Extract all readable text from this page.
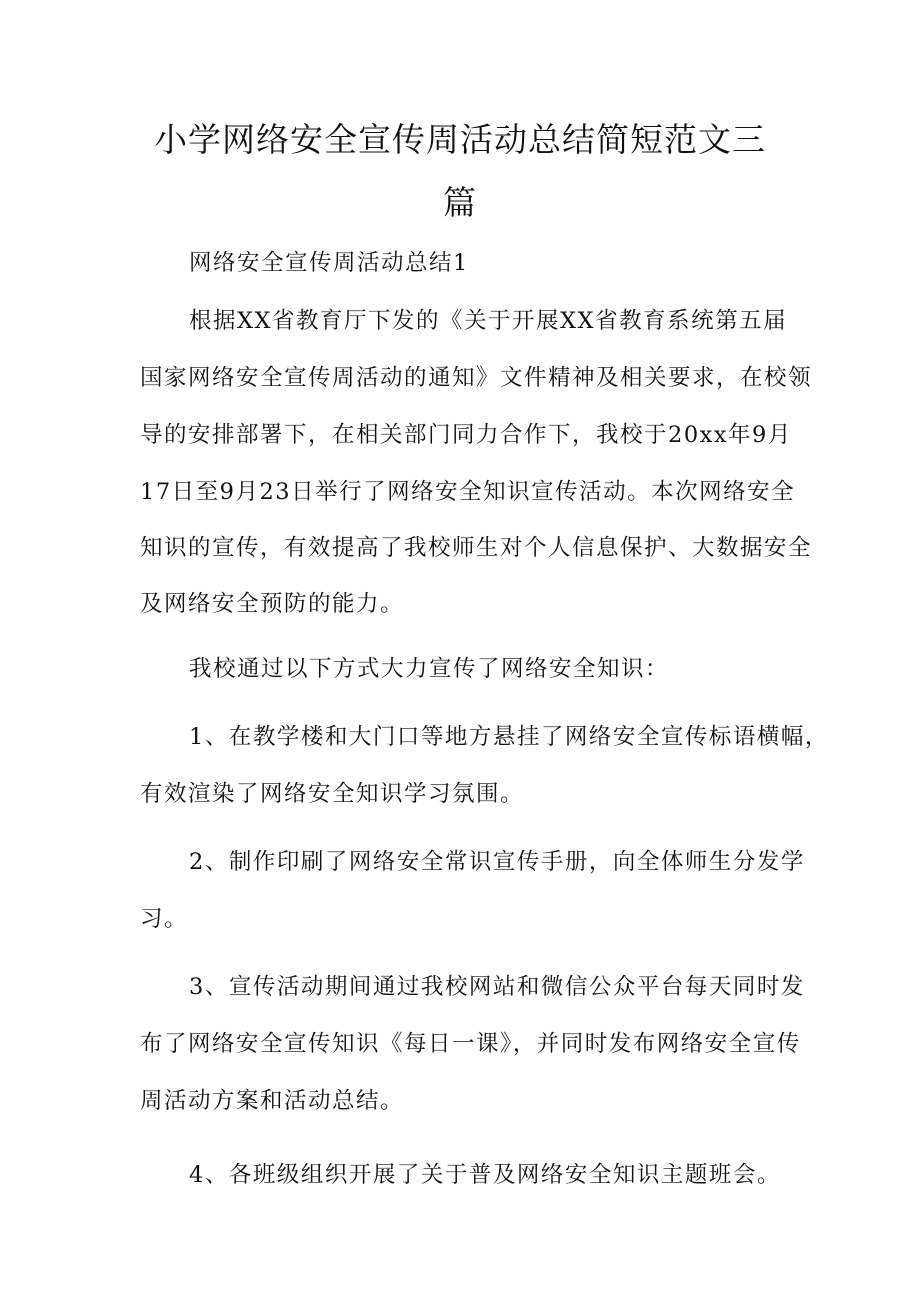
小学网络安全宣传周活动总结简短范文三
篇

网络安全宣传周活动总结1

根据XX省教育厅下发的《关于开展XX省教育系统第五届

国家网络安全宣传周活动的通知》文件精神及相关要求，在校领

导的安排部署下，在相关部门同力合作下，我校于20xx年9月

17日至9月23日举行了网络安全知识宣传活动。本次网络安全

知识的宣传，有效提高了我校师生对个人信息保护、大数据安全

及网络安全预防的能力。

我校通过以下方式大力宣传了网络安全知识：

1、在教学楼和大门口等地方悬挂了网络安全宣传标语横幅，

有效渲染了网络安全知识学习氛围。

2、制作印刷了网络安全常识宣传手册，向全体师生分发学

习。

3、宣传活动期间通过我校网站和微信公众平台每天同时发

布了网络安全宣传知识《每日一课》，并同时发布网络安全宣传

周活动方案和活动总结。

4、各班级组织开展了关于普及网络安全知识主题班会。
